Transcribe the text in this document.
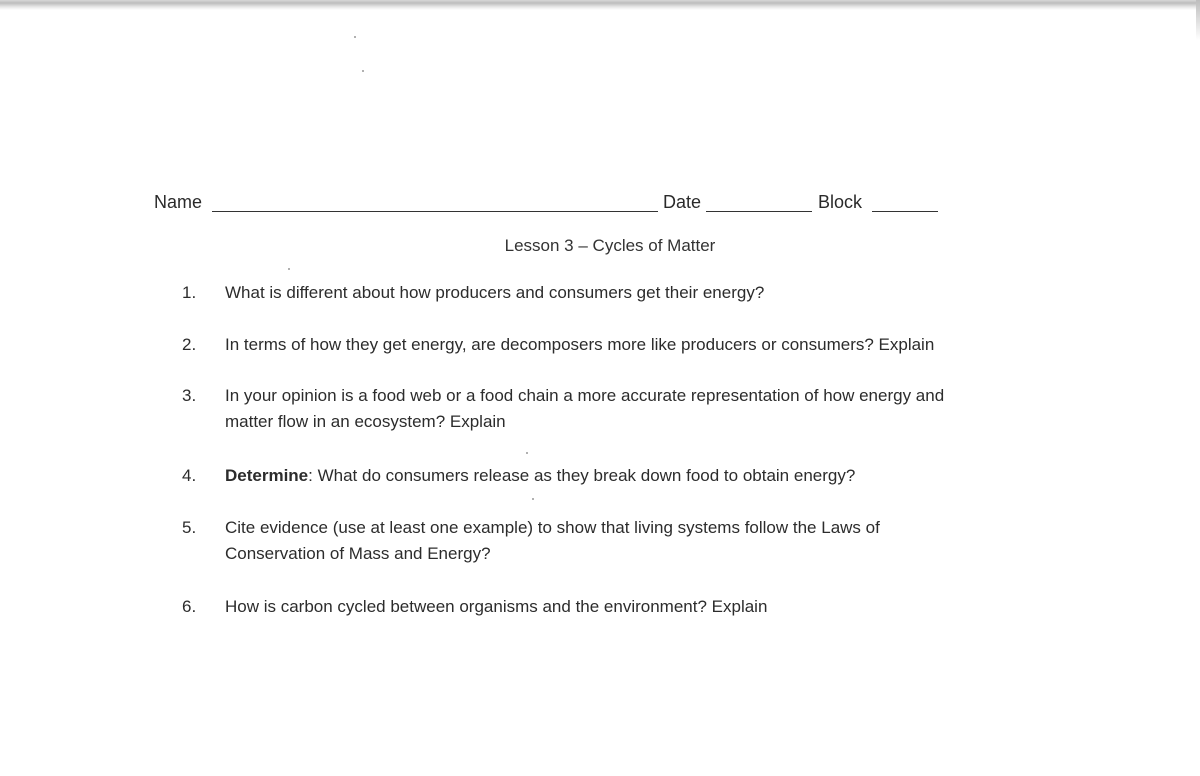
Name	Date	Block
Lesson 3 – Cycles of Matter
1.	What is different about how producers and consumers get their energy?
2.	In terms of how they get energy, are decomposers more like producers or consumers? Explain
3.	In your opinion is a food web or a food chain a more accurate representation of how energy and
matter flow in an ecosystem? Explain
4.	Determine: What do consumers release as they break down food to obtain energy?
5.	Cite evidence (use at least one example) to show that living systems follow the Laws of
Conservation of Mass and Energy?
6.	How is carbon cycled between organisms and the environment? Explain
